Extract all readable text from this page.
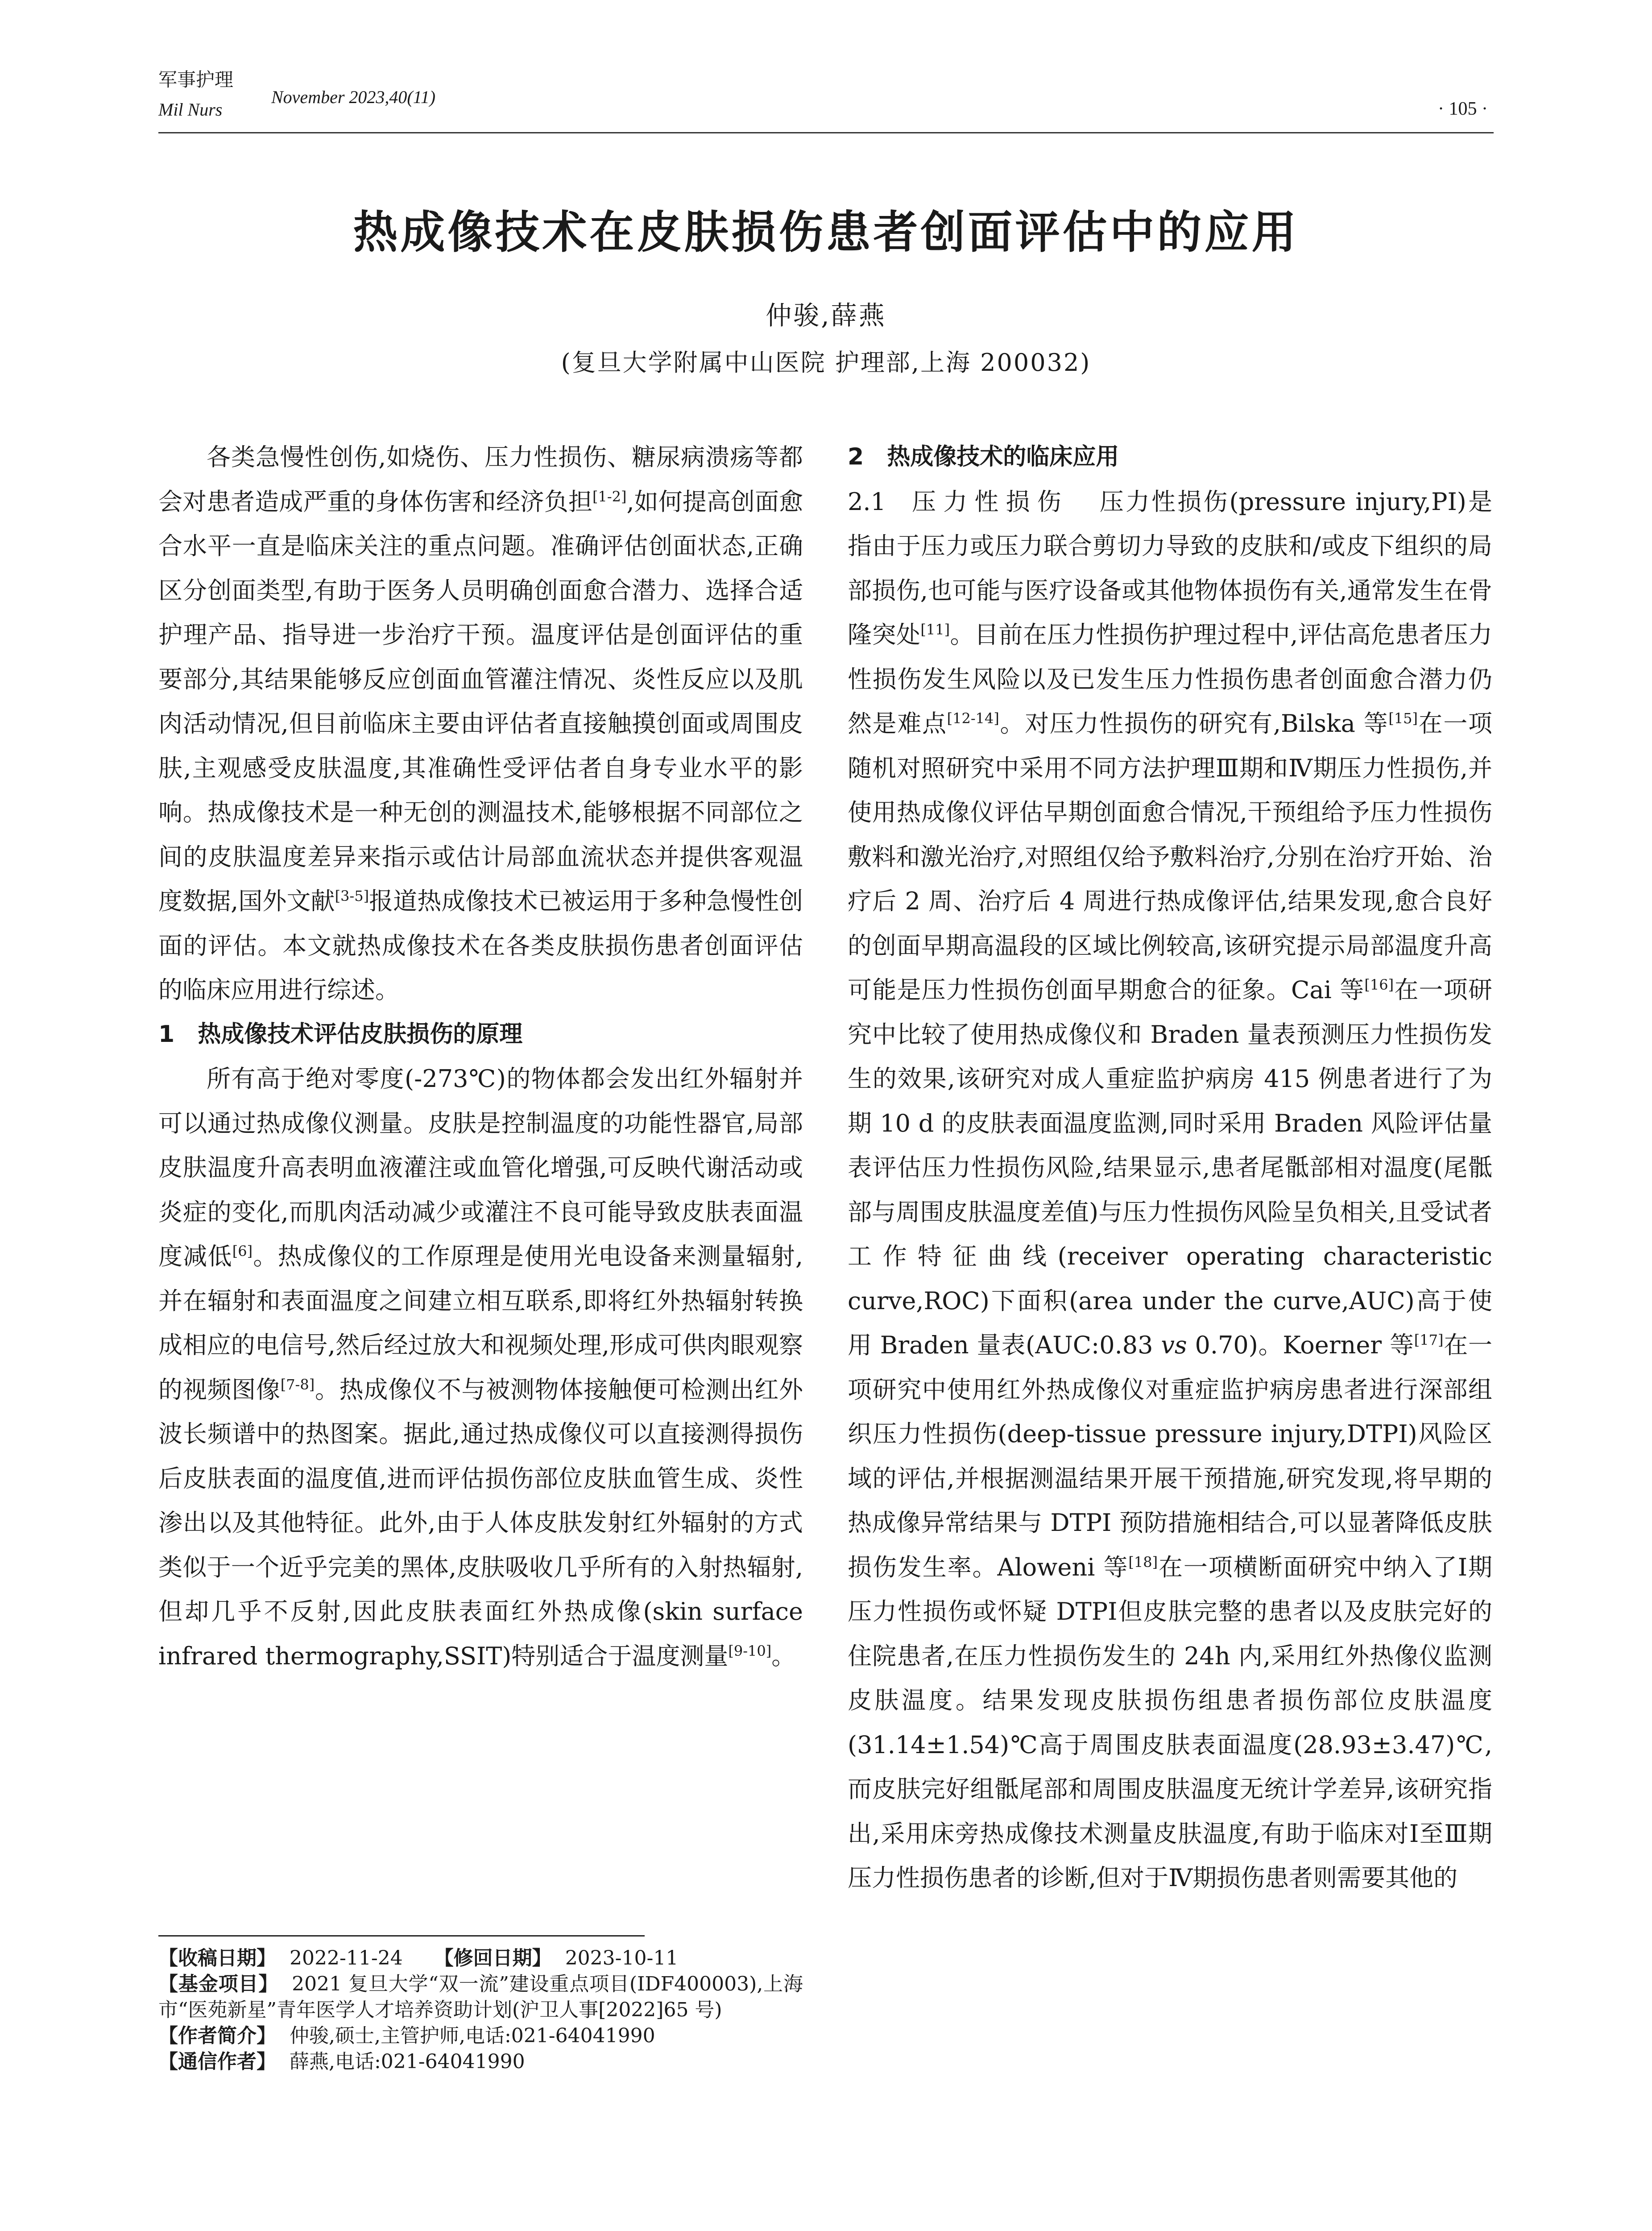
军事护理
Mil Nurs
November 2023,40(11)
· 105 ·
热成像技术在皮肤损伤患者创面评估中的应用
仲骏,薛燕
(复旦大学附属中山医院 护理部,上海 200032)

各类急慢性创伤,如烧伤、压力性损伤、糖尿病溃疡等都会对患者造成严重的身体伤害和经济负担[1-2],如何提高创面愈合水平一直是临床关注的重点问题。准确评估创面状态,正确区分创面类型,有助于医务人员明确创面愈合潜力、选择合适护理产品、指导进一步治疗干预。温度评估是创面评估的重要部分,其结果能够反应创面血管灌注情况、炎性反应以及肌肉活动情况,但目前临床主要由评估者直接触摸创面或周围皮肤,主观感受皮肤温度,其准确性受评估者自身专业水平的影响。热成像技术是一种无创的测温技术,能够根据不同部位之间的皮肤温度差异来指示或估计局部血流状态并提供客观温度数据,国外文献[3-5]报道热成像技术已被运用于多种急慢性创面的评估。本文就热成像技术在各类皮肤损伤患者创面评估的临床应用进行综述。

1 热成像技术评估皮肤损伤的原理

所有高于绝对零度(-273℃)的物体都会发出红外辐射并可以通过热成像仪测量。皮肤是控制温度的功能性器官,局部皮肤温度升高表明血液灌注或血管化增强,可反映代谢活动或炎症的变化,而肌肉活动减少或灌注不良可能导致皮肤表面温度减低[6]。热成像仪的工作原理是使用光电设备来测量辐射,并在辐射和表面温度之间建立相互联系,即将红外热辐射转换成相应的电信号,然后经过放大和视频处理,形成可供肉眼观察的视频图像[7-8]。热成像仪不与被测物体接触便可检测出红外波长频谱中的热图案。据此,通过热成像仪可以直接测得损伤后皮肤表面的温度值,进而评估损伤部位皮肤血管生成、炎性渗出以及其他特征。此外,由于人体皮肤发射红外辐射的方式类似于一个近乎完美的黑体,皮肤吸收几乎所有的入射热辐射,但却几乎不反射,因此皮肤表面红外热成像(skin surface infrared thermography,SSIT)特别适合于温度测量[9-10]。

【收稿日期】 2022-11-24 【修回日期】 2023-10-11

【基金项目】 2021 复旦大学“双一流”建设重点项目(IDF400003),上海市“医苑新星”青年医学人才培养资助计划(沪卫人事[2022]65 号)

【作者简介】 仲骏,硕士,主管护师,电话:021-64041990

【通信作者】 薛燕,电话:021-64041990

2 热成像技术的临床应用

2.1 压力性损伤 压力性损伤(pressure injury,PI)是指由于压力或压力联合剪切力导致的皮肤和/或皮下组织的局部损伤,也可能与医疗设备或其他物体损伤有关,通常发生在骨隆突处[11]。目前在压力性损伤护理过程中,评估高危患者压力性损伤发生风险以及已发生压力性损伤患者创面愈合潜力仍然是难点[12-14]。对压力性损伤的研究有,Bilska 等[15]在一项随机对照研究中采用不同方法护理Ⅲ期和Ⅳ期压力性损伤,并使用热成像仪评估早期创面愈合情况,干预组给予压力性损伤敷料和激光治疗,对照组仅给予敷料治疗,分别在治疗开始、治疗后 2 周、治疗后 4 周进行热成像评估,结果发现,愈合良好的创面早期高温段的区域比例较高,该研究提示局部温度升高可能是压力性损伤创面早期愈合的征象。Cai 等[16]在一项研究中比较了使用热成像仪和 Braden 量表预测压力性损伤发生的效果,该研究对成人重症监护病房 415 例患者进行了为期 10 d 的皮肤表面温度监测,同时采用 Braden 风险评估量表评估压力性损伤风险,结果显示,患者尾骶部相对温度(尾骶部与周围皮肤温度差值)与压力性损伤风险呈负相关,且受试者工作特征曲线(receiver operating characteristic curve,ROC)下面积(area under the curve,AUC)高于使用 Braden 量表(AUC:0.83 vs 0.70)。Koerner 等[17]在一项研究中使用红外热成像仪对重症监护病房患者进行深部组织压力性损伤(deep-tissue pressure injury,DTPI)风险区域的评估,并根据测温结果开展干预措施,研究发现,将早期的热成像异常结果与 DTPI 预防措施相结合,可以显著降低皮肤损伤发生率。Aloweni 等[18]在一项横断面研究中纳入了Ⅰ期压力性损伤或怀疑 DTPI但皮肤完整的患者以及皮肤完好的住院患者,在压力性损伤发生的 24h 内,采用红外热像仪监测皮肤温度。结果发现皮肤损伤组患者损伤部位皮肤温度(31.14±1.54)℃高于周围皮肤表面温度(28.93±3.47)℃,而皮肤完好组骶尾部和周围皮肤温度无统计学差异,该研究指出,采用床旁热成像技术测量皮肤温度,有助于临床对Ⅰ至Ⅲ期压力性损伤患者的诊断,但对于Ⅳ期损伤患者则需要其他的
